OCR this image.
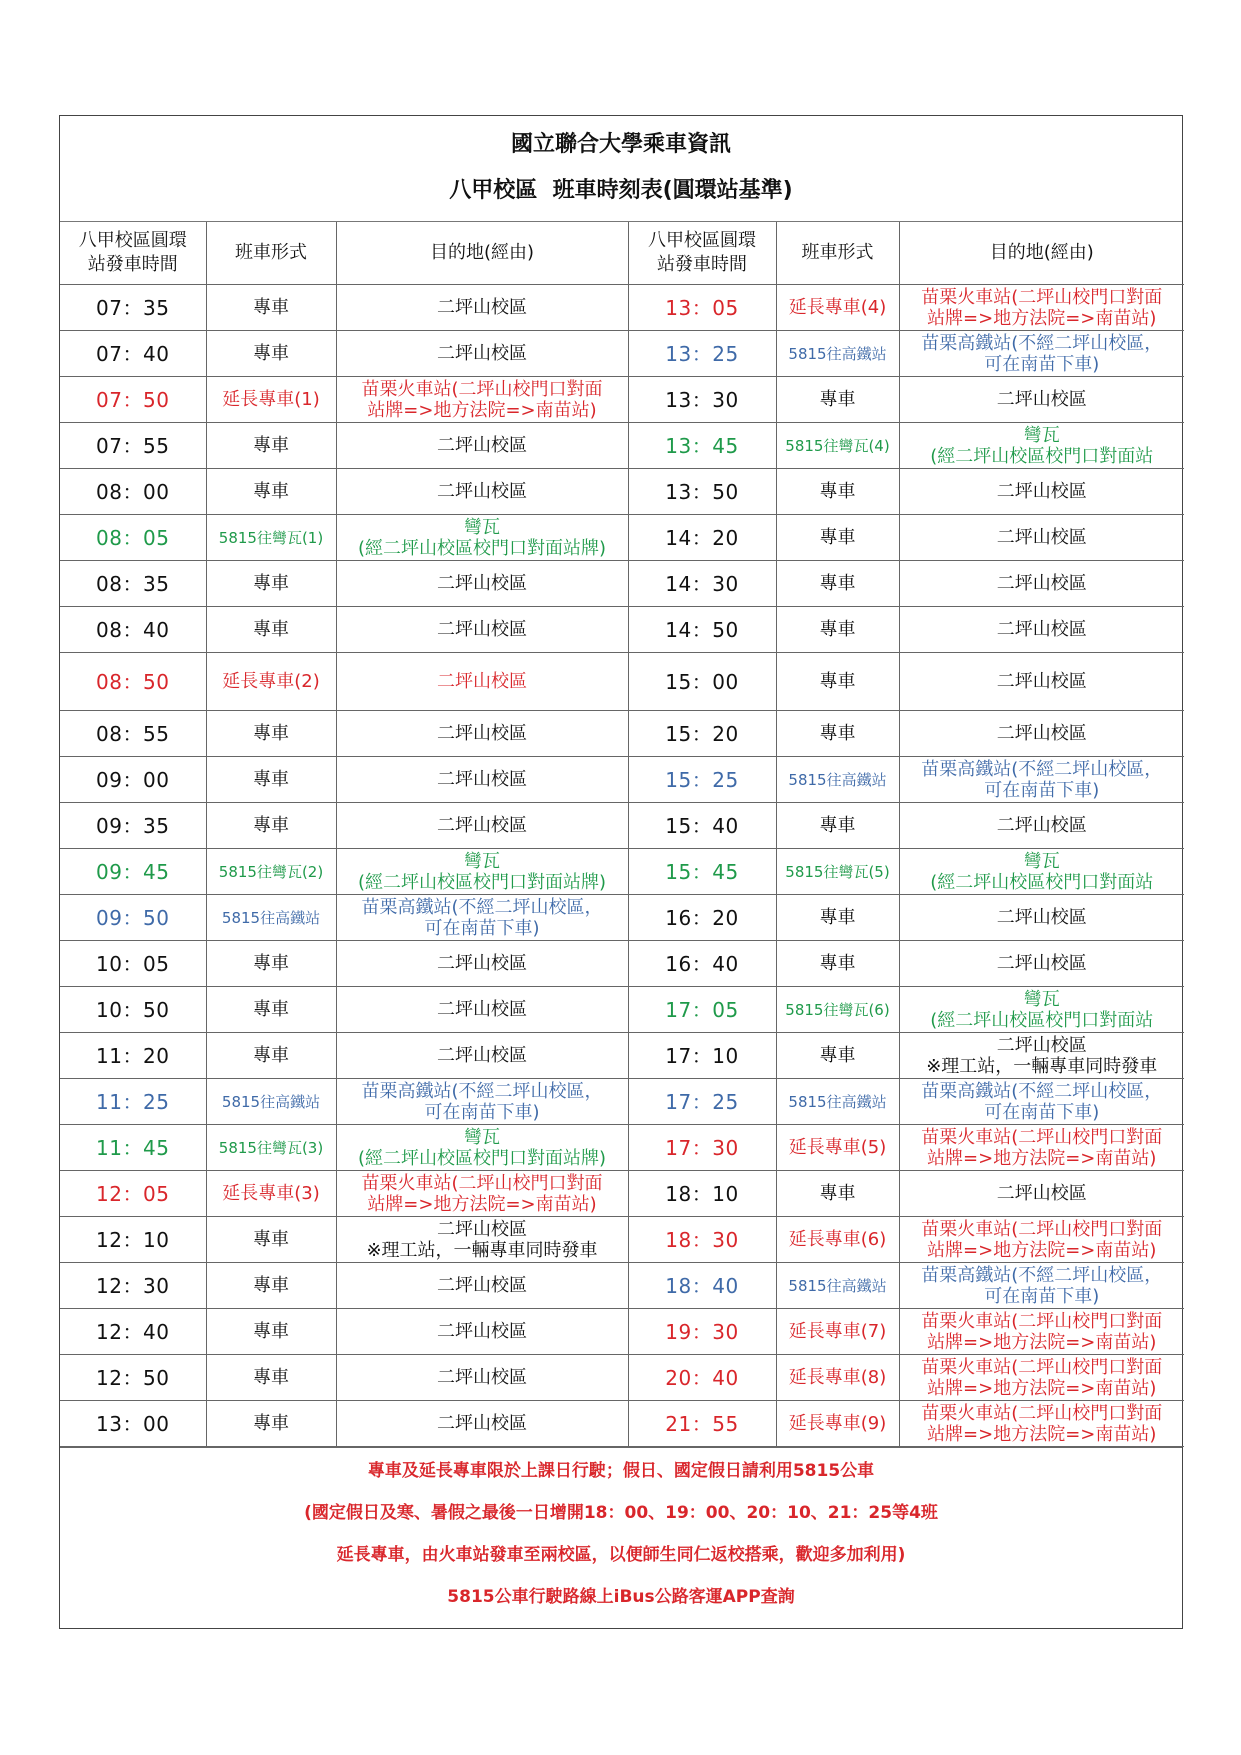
國立聯合大學乘車資訊
八甲校區  班車時刻表(圓環站基準)
八甲校區圓環
站發車時間	班車形式	目的地(經由)	八甲校區圓環
站發車時間	班車形式	目的地(經由)
07：35	專車	二坪山校區	13：05	延長專車(4)	苗栗火車站(二坪山校門口對面
站牌=>地方法院=>南苗站)

07：40	專車	二坪山校區	13：25	5815往高鐵站	苗栗高鐵站(不經二坪山校區，
可在南苗下車)

07：50	延長專車(1)	苗栗火車站(二坪山校門口對面
站牌=>地方法院=>南苗站)	13：30	專車	二坪山校區

07：55	專車	二坪山校區	13：45	5815往彎瓦(4)	彎瓦
(經二坪山校區校門口對面站

08：00	專車	二坪山校區	13：50	專車	二坪山校區

08：05	5815往彎瓦(1)	彎瓦
(經二坪山校區校門口對面站牌)	14：20	專車	二坪山校區

08：35	專車	二坪山校區	14：30	專車	二坪山校區

08：40	專車	二坪山校區	14：50	專車	二坪山校區

08：50	延長專車(2)	二坪山校區	15：00	專車	二坪山校區

08：55	專車	二坪山校區	15：20	專車	二坪山校區

09：00	專車	二坪山校區	15：25	5815往高鐵站	苗栗高鐵站(不經二坪山校區，
可在南苗下車)

09：35	專車	二坪山校區	15：40	專車	二坪山校區

09：45	5815往彎瓦(2)	彎瓦
(經二坪山校區校門口對面站牌)	15：45	5815往彎瓦(5)	彎瓦
(經二坪山校區校門口對面站

09：50	5815往高鐵站	苗栗高鐵站(不經二坪山校區，
可在南苗下車)	16：20	專車	二坪山校區

10：05	專車	二坪山校區	16：40	專車	二坪山校區

10：50	專車	二坪山校區	17：05	5815往彎瓦(6)	彎瓦
(經二坪山校區校門口對面站

11：20	專車	二坪山校區	17：10	專車	二坪山校區
※理工站，一輛專車同時發車

11：25	5815往高鐵站	苗栗高鐵站(不經二坪山校區，
可在南苗下車)	17：25	5815往高鐵站	苗栗高鐵站(不經二坪山校區，
可在南苗下車)

11：45	5815往彎瓦(3)	彎瓦
(經二坪山校區校門口對面站牌)	17：30	延長專車(5)	苗栗火車站(二坪山校門口對面
站牌=>地方法院=>南苗站)

12：05	延長專車(3)	苗栗火車站(二坪山校門口對面
站牌=>地方法院=>南苗站)	18：10	專車	二坪山校區

12：10	專車	二坪山校區
※理工站，一輛專車同時發車	18：30	延長專車(6)	苗栗火車站(二坪山校門口對面
站牌=>地方法院=>南苗站)

12：30	專車	二坪山校區	18：40	5815往高鐵站	苗栗高鐵站(不經二坪山校區，
可在南苗下車)

12：40	專車	二坪山校區	19：30	延長專車(7)	苗栗火車站(二坪山校門口對面
站牌=>地方法院=>南苗站)

12：50	專車	二坪山校區	20：40	延長專車(8)	苗栗火車站(二坪山校門口對面
站牌=>地方法院=>南苗站)

13：00	專車	二坪山校區	21：55	延長專車(9)	苗栗火車站(二坪山校門口對面
站牌=>地方法院=>南苗站)
專車及延長專車限於上課日行駛；假日、國定假日請利用5815公車
(國定假日及寒、暑假之最後一日增開18：00、19：00、20：10、21：25等4班
延長專車，由火車站發車至兩校區，以便師生同仁返校搭乘，歡迎多加利用)
5815公車行駛路線上iBus公路客運APP查詢
